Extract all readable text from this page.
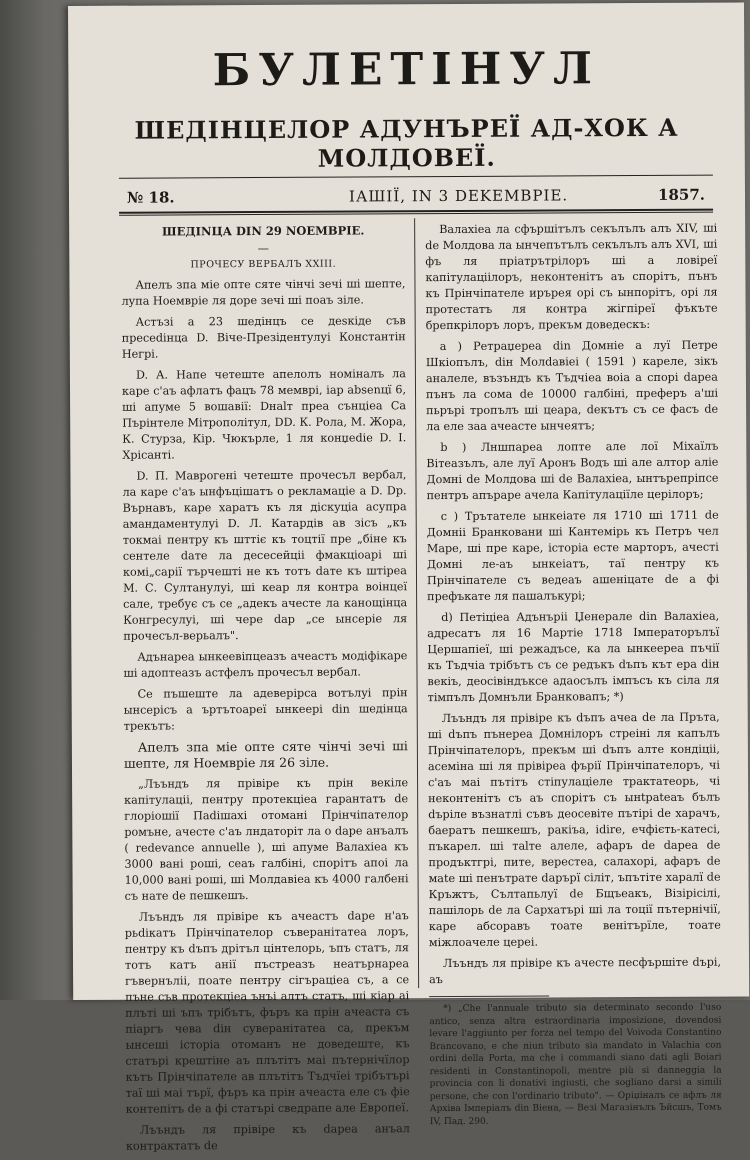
БУЛЕТІНУЛ
ШЕДІНЦЕЛОР АДУНЪРЕЇ АД-ХОК А МОЛДОВЕЇ.
№ 18.	ІАШІЇ, ІN 3 DEKEMBPIE.	1857.

ШЕДІNЦА DIN 29 NOEMBPIE.

—

ПРОЧЕСУ ВЕРБАЛЪ XXIII.

Апелъ зпа міе опте сяте чінчі зечі ші шепте, лупа Ноемвріе ля доре зечі ші поаъ зіле.

Астъзі а 23 шедінцъ се деsкіде съв пресеdінца D. Віче-Презідентулуі Константін Негрі.

D. А. Напе четеште апелолъ номіналъ ла каре с'аъ афлатъ фацъ 78 мемврі, іар absenцї 6, ші апуме 5 вошавії: Dнаlт преа сънціеа Са Пърінтеле Мітрополітул, DD. К. Рола, М. Жора, К. Стурза, Кір. Чюкърле, 1 ля конџеdie D. І. Хрісанті.

D. П. Маврогені четеште прочесъл вербал, ла каре с'аъ ынфъцішатъ о рекламаціе а D. Dр. Върнавъ, каре харатъ къ ля діскуціа асупра амандаментулуі D. Л. Катардів ав зісъ „къ токмаі пентру къ шттіє къ тоцтії пре „біне къ сентеле dате ла десесейціі фмакціоарі ші комі„сарії търчешті не къ тотъ dате къ штіреа М. С. Султанулуі, ші кеар ля контра воінцеї сале, требує съ се „адекъ ачесте ла канощінца Конгресулуі, ші чере dар „се ынсеріе ля прочесъл-верьалъ".

Адънареа ынкеевіпцеазъ ачеастъ модіфікаре ші адоптеазъ астфелъ прочесъл вербал.

Се пъшеште ла адеверірса вотълуі прін ынсерісъ а ъртътоареї ынкеері din шедінца трекътъ:

Апелъ зпа міе опте сяте чінчі зечі ші шепте, ля Ноемвріе ля 26 зіле.

„Лъъндъ ля прівіре къ прін векіле капітулаціі, пентру протекціеа гарантатъ de глоріошії Паdішахі отомані Прінчіпателор ромъне, ачесте с'аъ лндаторіт ла о dape анъалъ ( redevance annuelle ), ші апуме Валахіеа къ 3000 вані роші, сеаъ галбіні, спорітъ апоі ла 10,000 вані роші, ші Молдавіеа къ 4000 галбені съ нате de пешкешъ.

Лъъндъ ля прівіре къ ачеастъ dape н'аъ рьdікатъ Прінчіпателор съверанітатеа лоръ, пентру къ dъпъ дрітъл цінтелорь, ъпъ статъ, ля тотъ катъ анії пъстреазъ неатърнареа гъвернъліі, поате пентру сігъраціеа съ, а се пъне съв протекціеа ънъі алтъ статъ, ші кіар аі плъті ші ъпъ трібътъ, фъръ ка прін ачеаста съ піаргъ чева dін суверанітатеа са, прекъм ынсеші історіа отоманъ не доведеште, къ статърі крештіне аъ плътітъ маі пътернічїлор кътъ Прінчіпателе ав плътітъ Тъдчїеі трібътърі таї ші маі търї, фъръ ка прін ачеаста еле съ фіе контепітъ de а фі статърі сведрапе але Европеї.

Лъъндъ ля прівіре къ dареа анъал контрактатъ de

Валахіеа ла сфършітълъ секълълъ алъ XIV, ші de Молдова ла ынчепътълъ секълълъ алъ XVI, ші фъ ля пріатрътрілоръ ші а ловіреї капітулаціілоръ, неконтенітъ аъ спорітъ, пънъ къ Прінчіпателе ирърея орі съ ынпорітъ, орі ля протестатъ ля контра жігпіреї фъкъте брепкрілоръ лоръ, прекъм доведескъ:

a ) Ретраџереа din Домніе а луї Петре Шкіопълъ, dін Молdавіеі ( 1591 ) кареле, зікъ аналеле, възъндъ къ Тъдчіеа воіа а спорі dареа пънъ ла сома de 10000 галбіні, прeферъ а'ші пьрърі тропълъ ші цеара, dекътъ съ се фасъ de ла еле заа ачеасте ынчеятъ;

b ) Лншпареа лопте але лої Міхаїлъ Вітеазълъ, але луї Аронъ Водъ ші але алтор аліe Домні de Молдова ші de Валахіеа, ынтърепріпсе пентръ апъраре ачела Капітулаціїле церілоръ;

c ) Трътателе ынкеіате ля 1710 ші 1711 de Домніі Бранковани ші Кантемірь къ Петръ чел Маре, ші пре каре, історіа есте марторъ, ачесті Домні ле-аъ ынкеіатъ, таї пентру къ Прінчіпателе съ ведеаъ ашеніцате de а фі префъкате ля пашалъкурі;

d) Петіціеа Адънъріі Џенерале din Валахіеа, адресатъ ля 16 Мартіе 1718 Імператорълъї Цершапіеї, ші режадъсе, ка ла ынкеереа пъчії къ Тъдчіа трібътъ съ се редъкъ dъпъ кът ера dін векіъ, деосівіндъксе адаосълъ імпъсъ къ сіла ля тімпълъ Домнъли Бранковапъ; *)

Лъъндъ ля прівіре къ dъпъ ачеа de ла Пръта, ші dъпъ пънереа Домнілоръ стреіні ля капълъ Прінчіпателоръ, прекъм ші dъпъ алте кондіціі, асеміна ші ля прівіреа фърії Прінчіпателоръ, чі с'аъ маі пътітъ стіпулаціеле трактатеорь, чі неконтенітъ съ аъ спорітъ съ ынtраtеаъ бълъ dъріле възнатлі съвъ деосевіте пътірі de харачъ, баератъ пешкешъ, ракіъа, idire, ечфієть-катеci, пъкарел. ші таlте алеле, афаръ de dареа de продъктгрі, пите, вереcтеа, салахорі, афаръ de маtе ші пенътрате dарърї сіліт, ъпътіте харалї de Кръжтъ, Сълтапьлуї de Бщъеакъ, Візірісілі, пашілорь de ла Сархатърі ші ла тоції пътернічії, каре абсоравъ тоате венітърїле, тоате міжлоачеле цереі.

Лъъндъ ля прівіре къ ачесте песфършіте dърі, аъ

*) „Che l'annuale tributo sia determinato secondo l'uso antico, senza altra estraordinaria imposizione, dovendosi levare l'aggiunto per forza nel tempo del Voivoda Constantino Brancovano, e che niun tributo sia mandato in Valachia con ordini della Porta, ma che i commandi siano dati agli Boiari residenti in Constantinopoli, mentre più si danneggia la provincia con li donativi ingiusti, che sogliano darsi a simili persone, che con l'ordinario tributo". — Оріџіналъ се афлъ ля Архіва Імперіалъ din Віена, — Везі Магазінълъ Ъйсшъ, Томъ IV, Пад. 290.
